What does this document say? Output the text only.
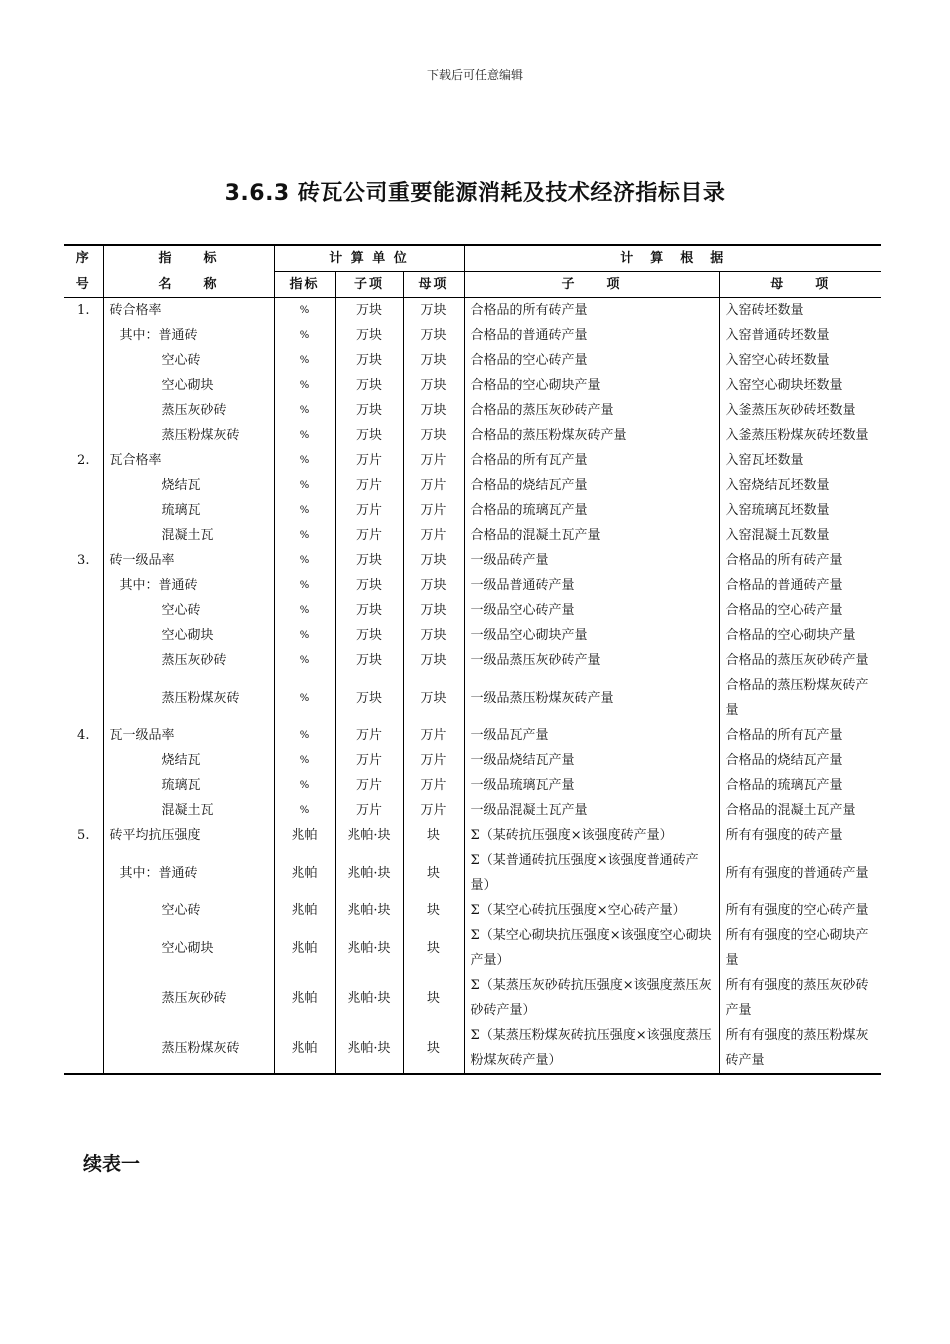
下载后可任意编辑
3.6.3 砖瓦公司重要能源消耗及技术经济指标目录
序	指　　标	计 算 单 位			计　算　根　据	
号	名　　称	指标	子项	母项	子　　项	母　　项
1.	砖合格率	%	万块	万块	合格品的所有砖产量	入窑砖坯数量
	其中：普通砖	%	万块	万块	合格品的普通砖产量	入窑普通砖坯数量
	空心砖	%	万块	万块	合格品的空心砖产量	入窑空心砖坯数量
	空心砌块	%	万块	万块	合格品的空心砌块产量	入窑空心砌块坯数量
	蒸压灰砂砖	%	万块	万块	合格品的蒸压灰砂砖产量	入釜蒸压灰砂砖坯数量
	蒸压粉煤灰砖	%	万块	万块	合格品的蒸压粉煤灰砖产量	入釜蒸压粉煤灰砖坯数量
2.	瓦合格率	%	万片	万片	合格品的所有瓦产量	入窑瓦坯数量
	烧结瓦	%	万片	万片	合格品的烧结瓦产量	入窑烧结瓦坯数量
	琉璃瓦	%	万片	万片	合格品的琉璃瓦产量	入窑琉璃瓦坯数量
	混凝土瓦	%	万片	万片	合格品的混凝土瓦产量	入窑混凝土瓦数量
3.	砖一级品率	%	万块	万块	一级品砖产量	合格品的所有砖产量
	其中：普通砖	%	万块	万块	一级品普通砖产量	合格品的普通砖产量
	空心砖	%	万块	万块	一级品空心砖产量	合格品的空心砖产量
	空心砌块	%	万块	万块	一级品空心砌块产量	合格品的空心砌块产量
	蒸压灰砂砖	%	万块	万块	一级品蒸压灰砂砖产量	合格品的蒸压灰砂砖产量
	蒸压粉煤灰砖	%	万块	万块	一级品蒸压粉煤灰砖产量	合格品的蒸压粉煤灰砖产量
4.	瓦一级品率	%	万片	万片	一级品瓦产量	合格品的所有瓦产量
	烧结瓦	%	万片	万片	一级品烧结瓦产量	合格品的烧结瓦产量
	琉璃瓦	%	万片	万片	一级品琉璃瓦产量	合格品的琉璃瓦产量
	混凝土瓦	%	万片	万片	一级品混凝土瓦产量	合格品的混凝土瓦产量
5.	砖平均抗压强度	兆帕	兆帕·块	块	Σ（某砖抗压强度×该强度砖产量）	所有有强度的砖产量
	其中：普通砖	兆帕	兆帕·块	块	Σ（某普通砖抗压强度×该强度普通砖产量）	所有有强度的普通砖产量
	空心砖	兆帕	兆帕·块	块	Σ（某空心砖抗压强度×空心砖产量）	所有有强度的空心砖产量
	空心砌块	兆帕	兆帕·块	块	Σ（某空心砌块抗压强度×该强度空心砌块产量）	所有有强度的空心砌块产量
	蒸压灰砂砖	兆帕	兆帕·块	块	Σ（某蒸压灰砂砖抗压强度×该强度蒸压灰砂砖产量）	所有有强度的蒸压灰砂砖产量
	蒸压粉煤灰砖	兆帕	兆帕·块	块	Σ（某蒸压粉煤灰砖抗压强度×该强度蒸压粉煤灰砖产量）	所有有强度的蒸压粉煤灰砖产量
续表一
